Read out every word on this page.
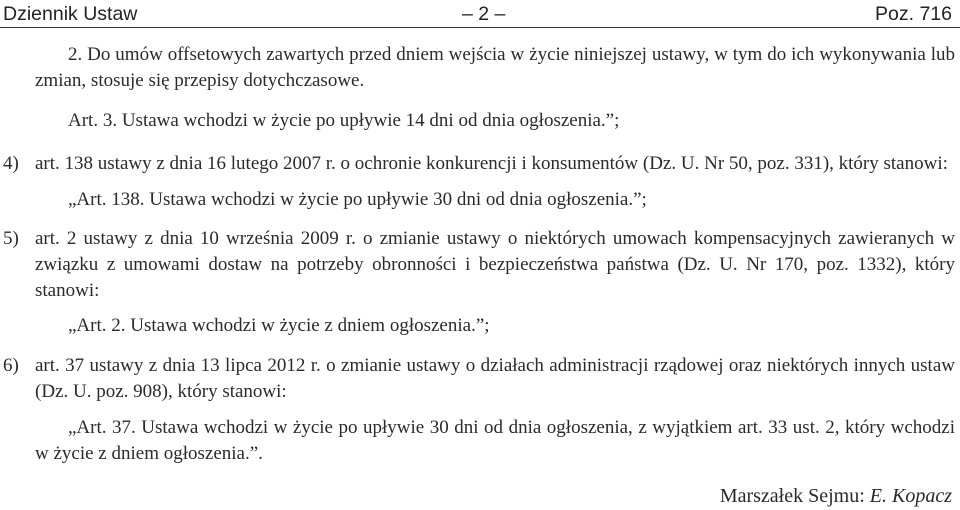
Dziennik Ustaw	– 2 –	Poz. 716

2. Do umów offsetowych zawartych przed dniem wejścia w życie niniejszej ustawy, w tym do ich wykonywania lub zmian, stosuje się przepisy dotychczasowe.

Art. 3. Ustawa wchodzi w życie po upływie 14 dni od dnia ogłoszenia.”;

4) art. 138 ustawy z dnia 16 lutego 2007 r. o ochronie konkurencji i konsumentów (Dz. U. Nr 50, poz. 331), który stanowi:

„Art. 138. Ustawa wchodzi w życie po upływie 30 dni od dnia ogłoszenia.”;

5) art. 2 ustawy z dnia 10 września 2009 r. o zmianie ustawy o niektórych umowach kompensacyjnych zawieranych w związku z umowami dostaw na potrzeby obronności i bezpieczeństwa państwa (Dz. U. Nr 170, poz. 1332), który stanowi:

„Art. 2. Ustawa wchodzi w życie z dniem ogłoszenia.”;

6) art. 37 ustawy z dnia 13 lipca 2012 r. o zmianie ustawy o działach administracji rządowej oraz niektórych innych ustaw (Dz. U. poz. 908), który stanowi:

„Art. 37. Ustawa wchodzi w życie po upływie 30 dni od dnia ogłoszenia, z wyjątkiem art. 33 ust. 2, który wchodzi w życie z dniem ogłoszenia.”.

Marszałek Sejmu: E. Kopacz
